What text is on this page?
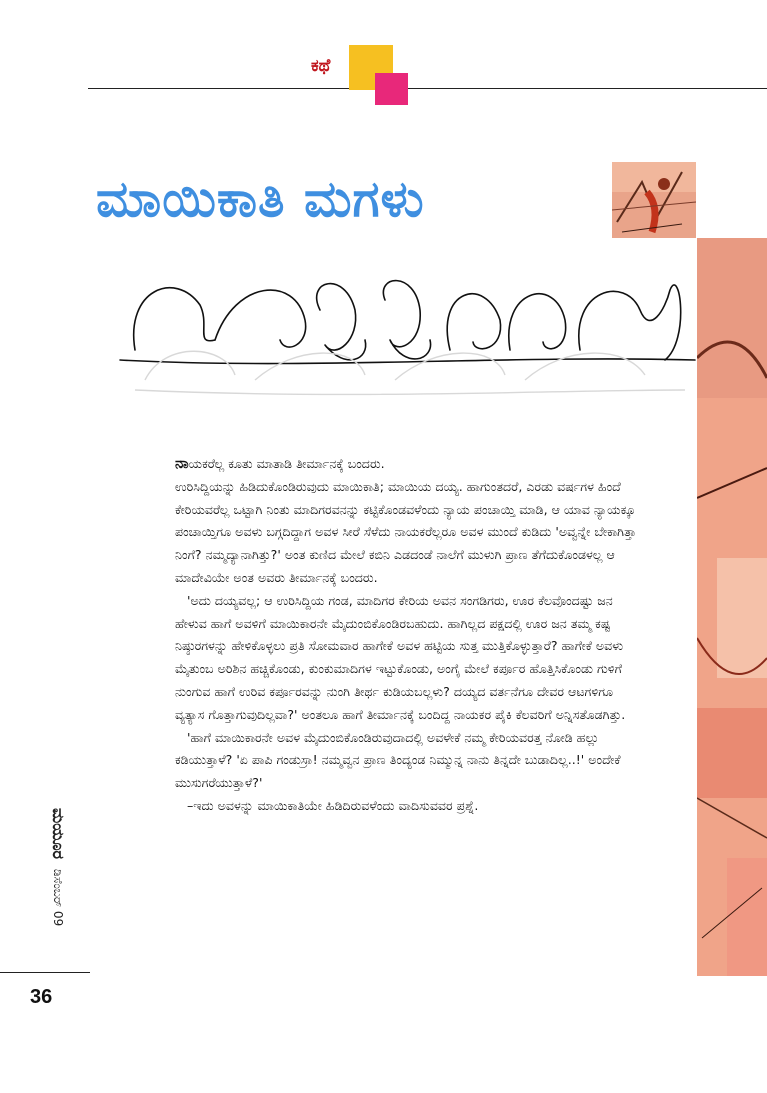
ಕಥೆ
ಮಾಯಿಕಾತಿ ಮಗಳು

ನಾಯಕರೆಲ್ಲ ಕೂತು ಮಾತಾಡಿ ತೀರ್ಮಾನಕ್ಕೆ ಬಂದರು.

ಉರಿಸಿದ್ದಿಯನ್ನು ಹಿಡಿದುಕೊಂಡಿರುವುದು ಮಾಯಿಕಾತಿ; ಮಾಯಿಯ ದಯ್ಯ. ಹಾಗುಂತದರೆ, ಎರಡು ವರ್ಷಗಳ ಹಿಂದೆ ಕೇರಿಯವರೆಲ್ಲ ಒಟ್ಟಾಗಿ ನಿಂತು ಮಾದಿಗರವನನ್ನು ಕಟ್ಟಿಕೊಂಡವಳೆಂದು ನ್ಯಾಯ ಪಂಚಾಯ್ತಿ ಮಾಡಿ, ಆ ಯಾವ ನ್ಯಾಯಕ್ಕೂ ಪಂಚಾಯ್ತಿಗೂ ಅವಳು ಬಗ್ಗದಿದ್ದಾಗ ಅವಳ ಸೀರೆ ಸೆಳೆದು ನಾಯಕರೆಲ್ಲರೂ ಅವಳ ಮುಂದೆ ಕುಡಿದು 'ಅವ್ವನ್ನೇ ಬೇಕಾಗಿತ್ತಾ ನಿಂಗೆ? ನಮ್ಮದ್ಯಾನಾಗಿತ್ತು?' ಅಂತ ಕುಣಿದ ಮೇಲೆ ಕಬಿನಿ ಎಡದಂಡೆ ನಾಲೆಗೆ ಮುಳುಗಿ ಪ್ರಾಣ ತೆಗೆದುಕೊಂಡಳಲ್ಲ ಆ ಮಾದೇವಿಯೇ ಅಂತ ಅವರು ತೀರ್ಮಾನಕ್ಕೆ ಬಂದರು.

'ಅದು ದಯ್ಯವಲ್ಲ; ಆ ಉರಿಸಿದ್ದಿಯ ಗಂಡ, ಮಾದಿಗರ ಕೇರಿಯ ಅವನ ಸಂಗಡಿಗರು, ಊರ ಕೆಲವೊಂದಷ್ಟು ಜನ ಹೇಳುವ ಹಾಗೆ ಅವಳಿಗೆ ಮಾಯಿಕಾರನೇ ಮೈದುಂಬಿಕೊಂಡಿರಬಹುದು. ಹಾಗಿಲ್ಲದ ಪಕ್ಷದಲ್ಲಿ ಊರ ಜನ ತಮ್ಮ ಕಷ್ಟ ನಿಷ್ಠುರಗಳನ್ನು ಹೇಳಿಕೊಳ್ಳಲು ಪ್ರತಿ ಸೋಮವಾರ ಹಾಗೇಕೆ ಅವಳ ಹಟ್ಟಿಯ ಸುತ್ತ ಮುತ್ತಿಕೊಳ್ಳುತ್ತಾರೆ? ಹಾಗೇಕೆ ಅವಳು ಮೈತುಂಬ ಅರಿಶಿನ ಹಚ್ಚಿಕೊಂಡು, ಕುಂಕುಮಾದಿಗಳ ಇಟ್ಟುಕೊಂಡು, ಅಂಗೈ ಮೇಲೆ ಕರ್ಪೂರ ಹೊತ್ತಿಸಿಕೊಂಡು ಗುಳಿಗೆ ನುಂಗುವ ಹಾಗೆ ಉರಿವ ಕರ್ಪೂರವನ್ನು ನುಂಗಿ ತೀರ್ಥ ಕುಡಿಯಬಲ್ಲಳು? ದಯ್ಯದ ವರ್ತನೆಗೂ ದೇವರ ಆಟಗಳಿಗೂ ವ್ಯತ್ಯಾಸ ಗೊತ್ತಾಗುವುದಿಲ್ಲವಾ?' ಅಂತಲೂ ಹಾಗೆ ತೀರ್ಮಾನಕ್ಕೆ ಬಂದಿದ್ದ ನಾಯಕರ ಪೈಕಿ ಕೆಲವರಿಗೆ ಅನ್ನಿಸತೊಡಗಿತ್ತು.

'ಹಾಗೆ ಮಾಯಿಕಾರನೇ ಅವಳ ಮೈದುಂಬಿಕೊಂಡಿರುವುದಾದಲ್ಲಿ ಅವಳೇಕೆ ನಮ್ಮ ಕೇರಿಯವರತ್ತ ನೋಡಿ ಹಲ್ಲು ಕಡಿಯುತ್ತಾಳೆ? 'ಏ ಪಾಪಿ ಗಂಡುಸ್ರಾ! ನಮ್ಮವ್ವನ ಪ್ರಾಣ ತಿಂದ್ಯಂಡ ನಿಮ್ಮುನ್ನ ನಾನು ತಿನ್ನದೇ ಬುಡಾದಿಲ್ಲ..!' ಅಂದೇಕೆ ಮುಸುಗರೆಯುತ್ತಾಳೆ?'

–ಇದು ಅವಳನ್ನು ಮಾಯಿಕಾತಿಯೇ ಹಿಡಿದಿರುವಳೆಂದು ವಾದಿಸುವವರ ಪ್ರಶ್ನೆ.

ಮಯೂರ
ಡಿಸೆಂಬರ್ 09
36
